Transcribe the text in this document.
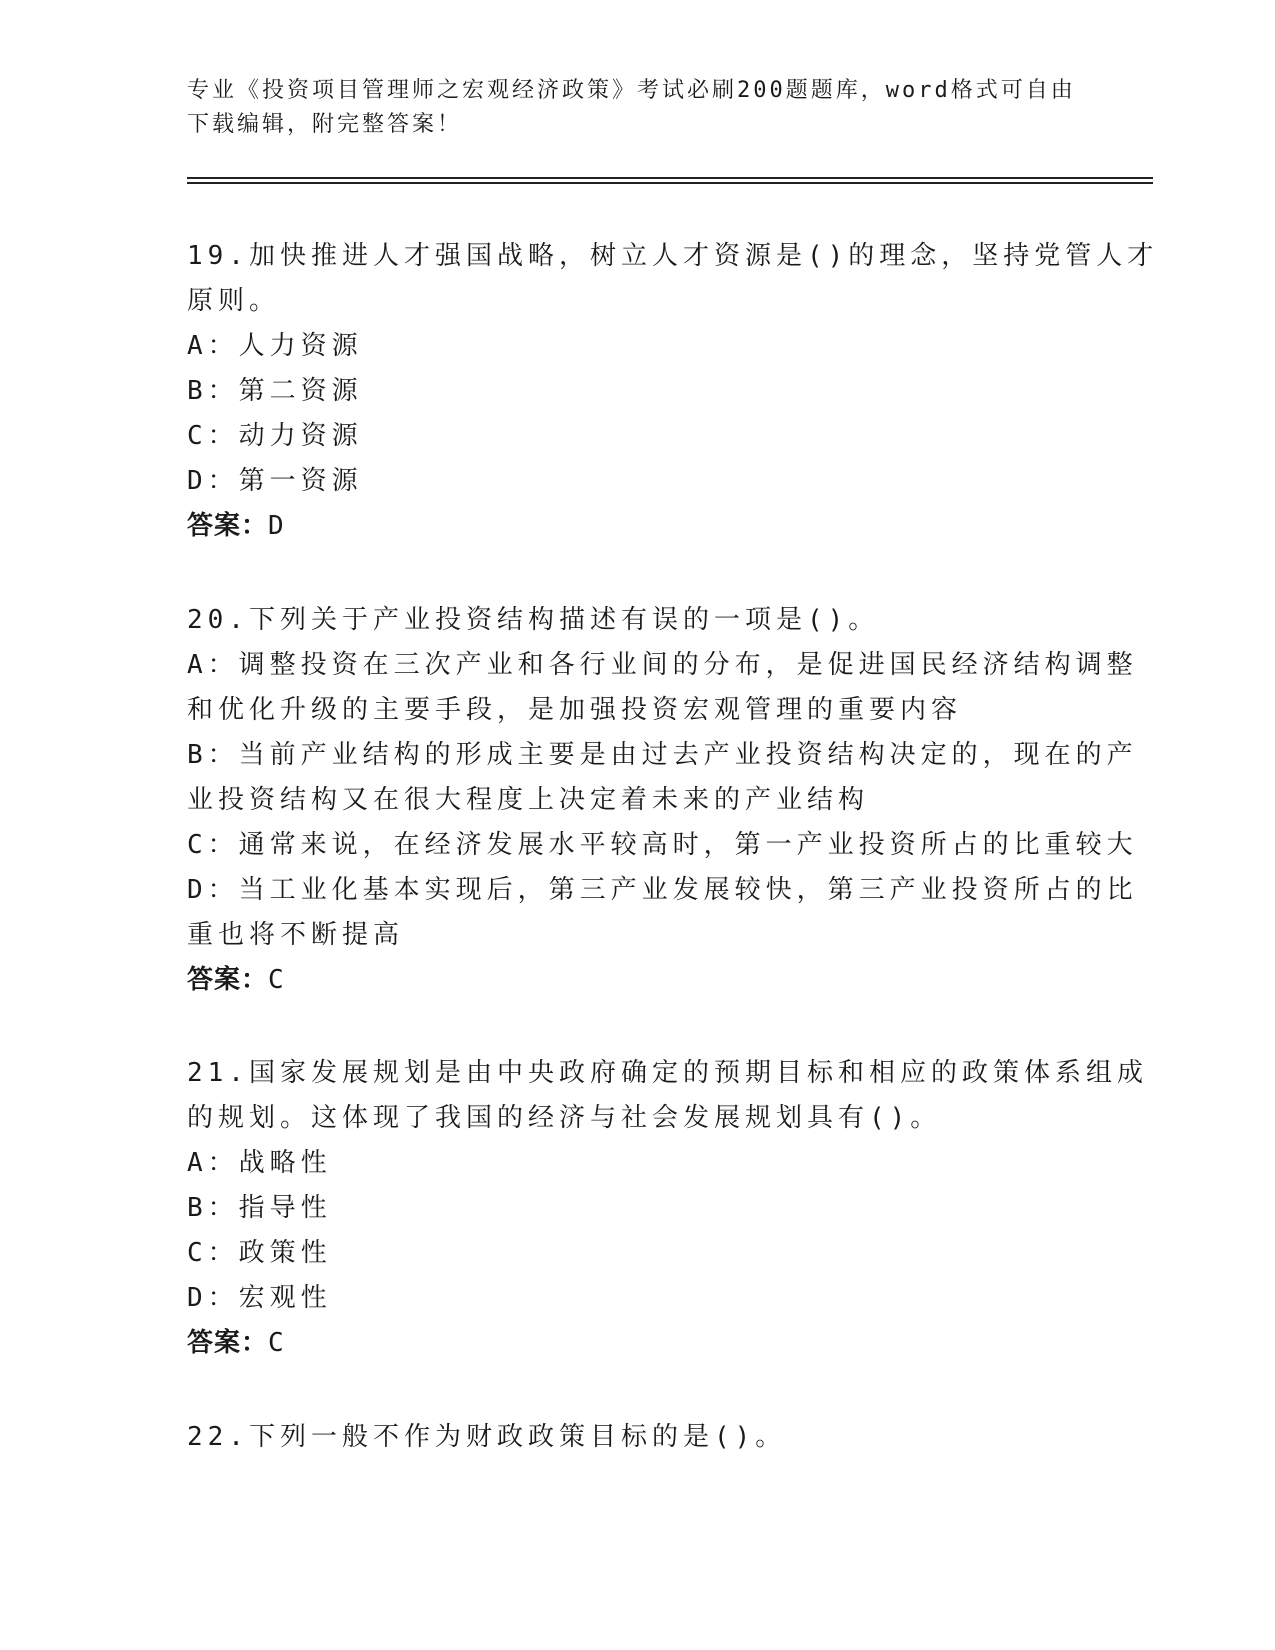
专业《投资项目管理师之宏观经济政策》考试必刷200题题库，word格式可自由
下载编辑，附完整答案！
19.加快推进人才强国战略，树立人才资源是()的理念，坚持党管人才
原则。
A：人力资源
B：第二资源
C：动力资源
D：第一资源
答案：D
20.下列关于产业投资结构描述有误的一项是()。
A：调整投资在三次产业和各行业间的分布，是促进国民经济结构调整
和优化升级的主要手段，是加强投资宏观管理的重要内容
B：当前产业结构的形成主要是由过去产业投资结构决定的，现在的产
业投资结构又在很大程度上决定着未来的产业结构
C：通常来说，在经济发展水平较高时，第一产业投资所占的比重较大
D：当工业化基本实现后，第三产业发展较快，第三产业投资所占的比
重也将不断提高
答案：C
21.国家发展规划是由中央政府确定的预期目标和相应的政策体系组成
的规划。这体现了我国的经济与社会发展规划具有()。
A：战略性
B：指导性
C：政策性
D：宏观性
答案：C
22.下列一般不作为财政政策目标的是()。
